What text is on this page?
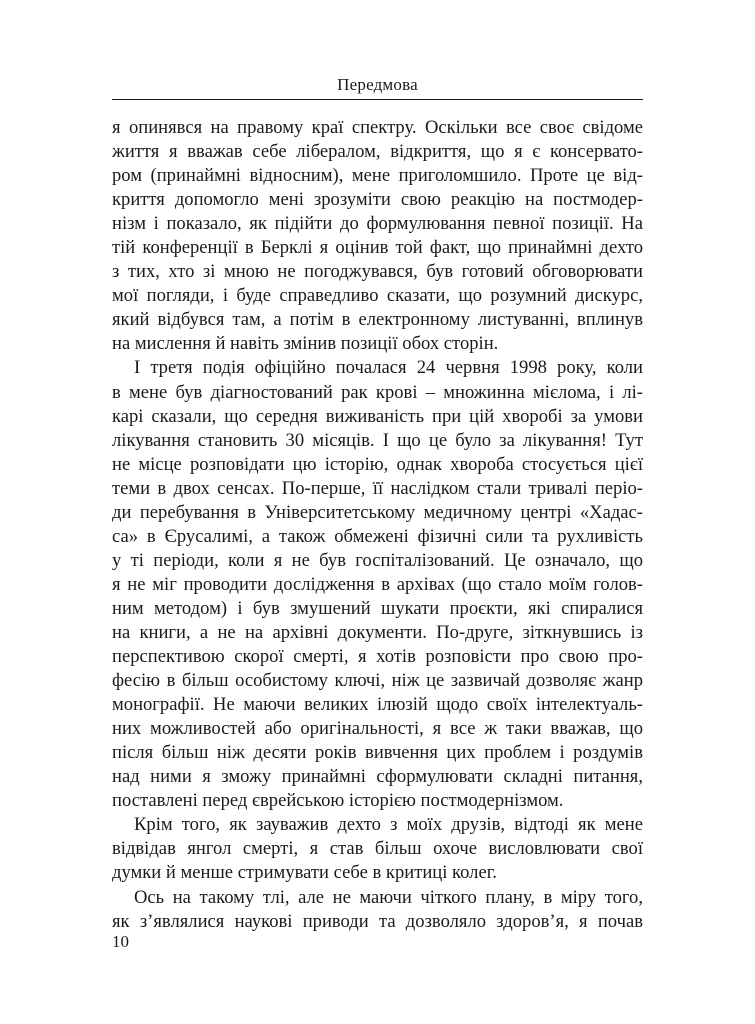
Передмова

я опинявся на правому краї спектру. Оскільки все своє свідоме

життя я вважав себе лібералом, відкриття, що я є консервато-

ром (принаймні відносним), мене приголомшило. Проте це від-

криття допомогло мені зрозуміти свою реакцію на постмодер-

нізм і показало, як підійти до формулювання певної позиції. На

тій конференції в Берклі я оцінив той факт, що принаймні дехто

з тих, хто зі мною не погоджувався, був готовий обговорювати

мої погляди, і буде справедливо сказати, що розумний дискурс,

який відбувся там, а потім в електронному листуванні, вплинув

на мислення й навіть змінив позиції обох сторін.

І третя подія офіційно почалася 24 червня 1998 року, коли

в мене був діагностований рак крові – множинна мієлома, і лі-

карі сказали, що середня виживаність при цій хворобі за умови

лікування становить 30 місяців. І що це було за лікування! Тут

не місце розповідати цю історію, однак хвороба стосується цієї

теми в двох сенсах. По-перше, її наслідком стали тривалі періо-

ди перебування в Університетському медичному центрі «Хадас-

са» в Єрусалимі, а також обмежені фізичні сили та рухливість

у ті періоди, коли я не був госпіталізований. Це означало, що

я не міг проводити дослідження в архівах (що стало моїм голов-

ним методом) і був змушений шукати проєкти, які спиралися

на книги, а не на архівні документи. По-друге, зіткнувшись із

перспективою скорої смерті, я хотів розповісти про свою про-

фесію в більш особистому ключі, ніж це зазвичай дозволяє жанр

монографії. Не маючи великих ілюзій щодо своїх інтелектуаль-

них можливостей або оригінальності, я все ж таки вважав, що

після більш ніж десяти років вивчення цих проблем і роздумів

над ними я зможу принаймні сформулювати складні питання,

поставлені перед єврейською історією постмодернізмом.

Крім того, як зауважив дехто з моїх друзів, відтоді як мене

відвідав янгол смерті, я став більш охоче висловлювати свої

думки й менше стримувати себе в критиці колег.

Ось на такому тлі, але не маючи чіткого плану, в міру того,

як з’являлися наукові приводи та дозволяло здоров’я, я почав

10
